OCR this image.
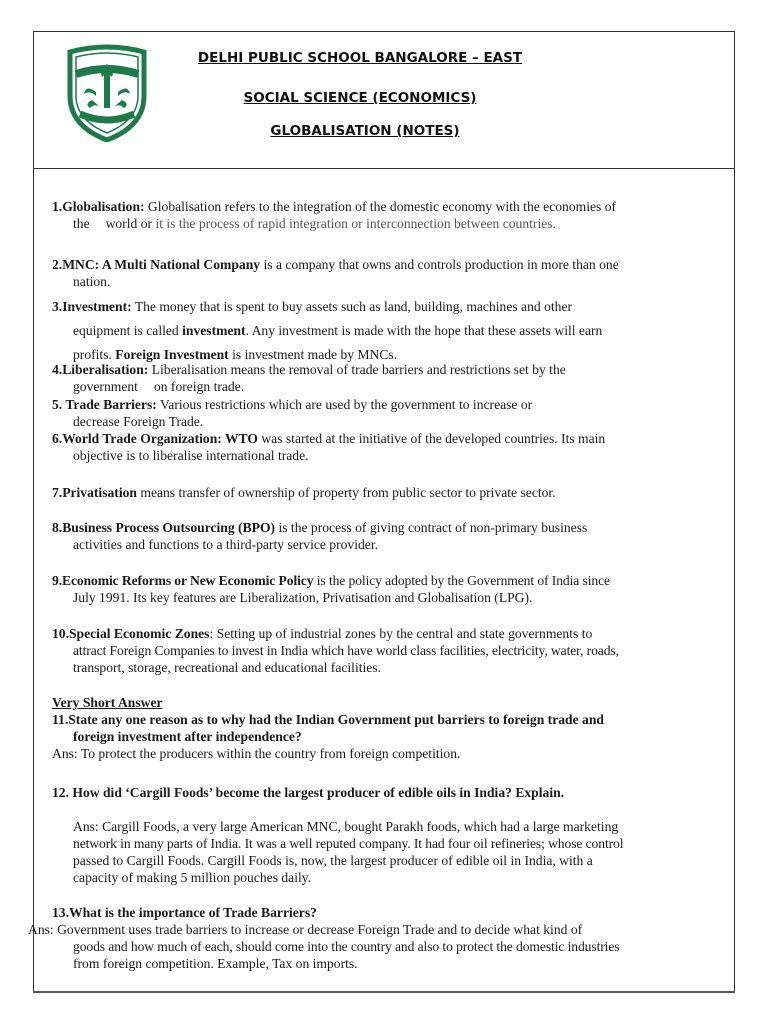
DELHI PUBLIC SCHOOL BANGALORE – EAST
SOCIAL SCIENCE (ECONOMICS)
GLOBALISATION (NOTES)
1.Globalisation: Globalisation refers to the integration of the domestic economy with the economies of
the world or it is the process of rapid integration or interconnection between countries.
2.MNC: A Multi National Company is a company that owns and controls production in more than one
nation.
3.Investment: The money that is spent to buy assets such as land, building, machines and other
equipment is called investment. Any investment is made with the hope that these assets will earn
profits. Foreign Investment is investment made by MNCs.
4.Liberalisation: Liberalisation means the removal of trade barriers and restrictions set by the
government on foreign trade.
5. Trade Barriers: Various restrictions which are used by the government to increase or
decrease Foreign Trade.
6.World Trade Organization: WTO was started at the initiative of the developed countries. Its main
objective is to liberalise international trade.
7.Privatisation means transfer of ownership of property from public sector to private sector.
8.Business Process Outsourcing (BPO) is the process of giving contract of non-primary business
activities and functions to a third-party service provider.
9.Economic Reforms or New Economic Policy is the policy adopted by the Government of India since
July 1991. Its key features are Liberalization, Privatisation and Globalisation (LPG).
10.Special Economic Zones: Setting up of industrial zones by the central and state governments to
attract Foreign Companies to invest in India which have world class facilities, electricity, water, roads,
transport, storage, recreational and educational facilities.
Very Short Answer
11.State any one reason as to why had the Indian Government put barriers to foreign trade and
foreign investment after independence?
Ans: To protect the producers within the country from foreign competition.
12. How did ‘Cargill Foods’ become the largest producer of edible oils in India? Explain.
Ans: Cargill Foods, a very large American MNC, bought Parakh foods, which had a large marketing
network in many parts of India. It was a well reputed company. It had four oil refineries; whose control
passed to Cargill Foods. Cargill Foods is, now, the largest producer of edible oil in India, with a
capacity of making 5 million pouches daily.
13.What is the importance of Trade Barriers?
Ans: Government uses trade barriers to increase or decrease Foreign Trade and to decide what kind of
goods and how much of each, should come into the country and also to protect the domestic industries
from foreign competition. Example, Tax on imports.
